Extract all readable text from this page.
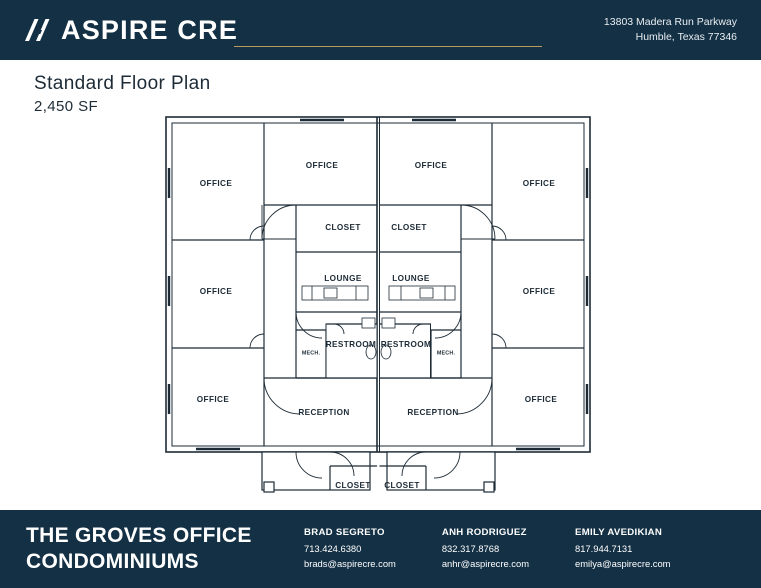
ASPIRE CRE	13803 Madera Run Parkway
Humble, Texas 77346
Standard Floor Plan
2,450 SF
OFFICE
OFFICE
OFFICE
OFFICE	OFFICE
OFFICE
OFFICE
OFFICE
CLOSET	CLOSET
LOUNGE	LOUNGE
RESTROOM RESTROOM
MECH.	MECH.
RECEPTION	RECEPTION
CLOSET CLOSET
THE GROVES OFFICE
CONDOMINIUMS
BRAD SEGRETO
713.424.6380
brads@aspirecre.com
ANH RODRIGUEZ
832.317.8768
anhr@aspirecre.com
EMILY AVEDIKIAN
817.944.7131
emilya@aspirecre.com
